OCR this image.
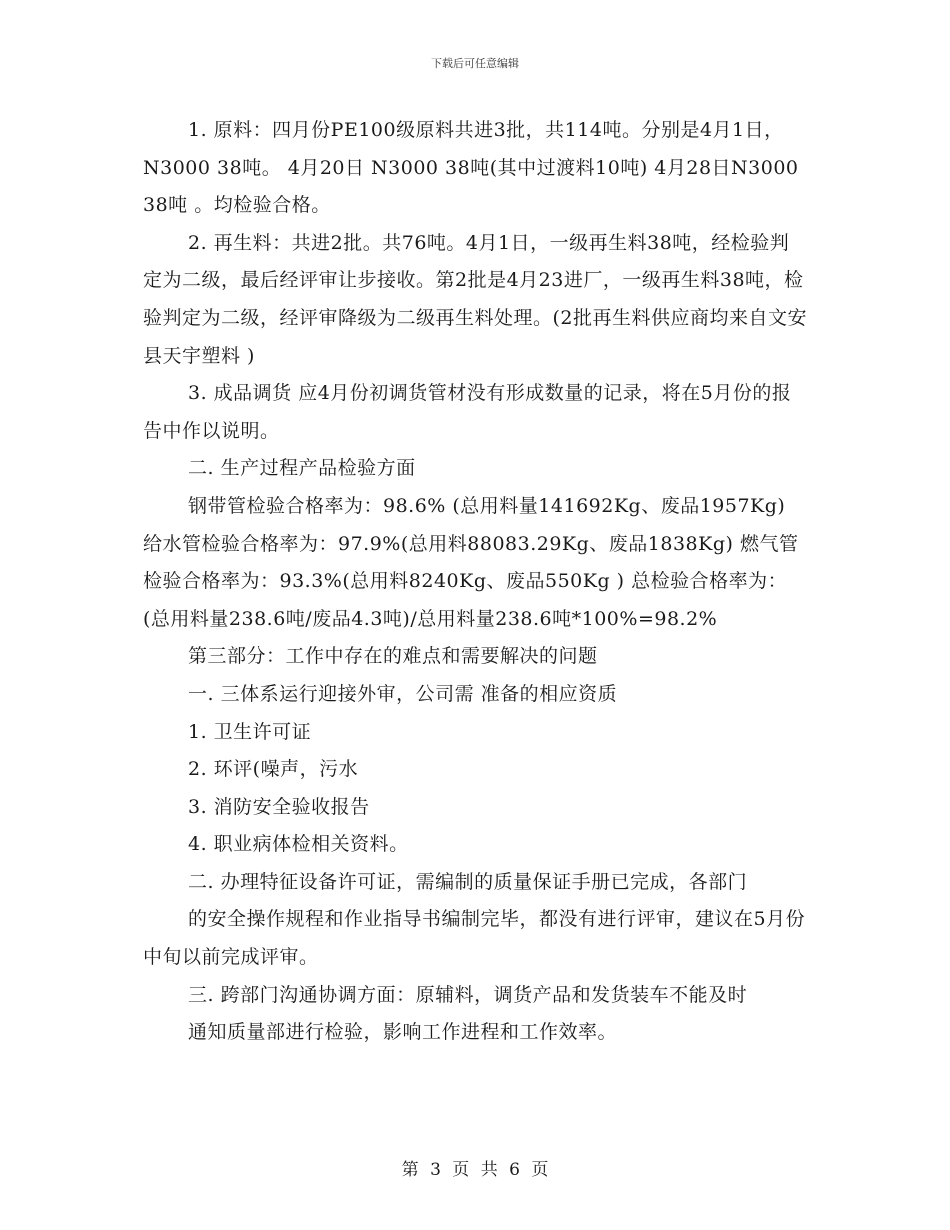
下载后可任意编辑

1. 原料：四月份PE100级原料共进3批，共114吨。分别是4月1日，N3000 38吨。 4月20日 N3000 38吨(其中过渡料10吨) 4月28日N3000 38吨 。均检验合格。

2. 再生料：共进2批。共76吨。4月1日，一级再生料38吨，经检验判定为二级，最后经评审让步接收。第2批是4月23进厂，一级再生料38吨，检验判定为二级，经评审降级为二级再生料处理。(2批再生料供应商均来自文安县天宇塑料 )

3. 成品调货 应4月份初调货管材没有形成数量的记录，将在5月份的报告中作以说明。

二. 生产过程产品检验方面

钢带管检验合格率为：98.6% (总用料量141692Kg、废品1957Kg) 给水管检验合格率为：97.9%(总用料88083.29Kg、废品1838Kg) 燃气管检验合格率为：93.3%(总用料8240Kg、废品550Kg ) 总检验合格率为：(总用料量238.6吨/废品4.3吨)/总用料量238.6吨*100%=98.2%

第三部分：工作中存在的难点和需要解决的问题

一. 三体系运行迎接外审，公司需 准备的相应资质

1. 卫生许可证

2. 环评(噪声，污水

3. 消防安全验收报告

4. 职业病体检相关资料。

二. 办理特征设备许可证，需编制的质量保证手册已完成，各部门

的安全操作规程和作业指导书编制完毕，都没有进行评审，建议在5月份中旬以前完成评审。

三. 跨部门沟通协调方面：原辅料，调货产品和发货装车不能及时

通知质量部进行检验，影响工作进程和工作效率。

第 3 页 共 6 页
